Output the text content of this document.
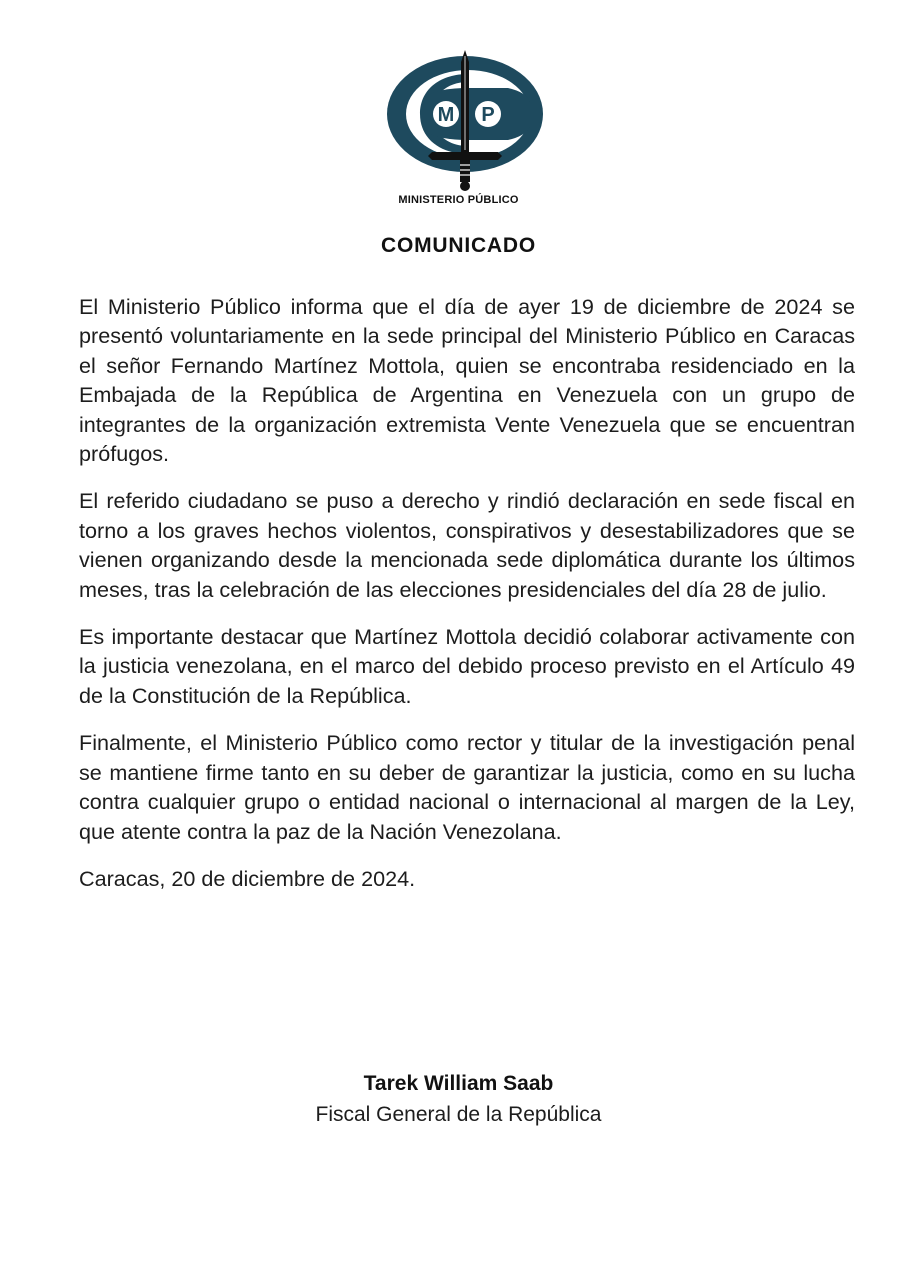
M P
MINISTERIO PÚBLICO
COMUNICADO

El Ministerio Público informa que el día de ayer 19 de diciembre de 2024 se presentó voluntariamente en la sede principal del Ministerio Público en Caracas el señor Fernando Martínez Mottola, quien se encontraba residenciado en la Embajada de la República de Argentina en Venezuela con un grupo de integrantes de la organización extremista Vente Venezuela que se encuentran prófugos.

El referido ciudadano se puso a derecho y rindió declaración en sede fiscal en torno a los graves hechos violentos, conspirativos y desestabilizadores que se vienen organizando desde la mencionada sede diplomática durante los últimos meses, tras la celebración de las elecciones presidenciales del día 28 de julio.

Es importante destacar que Martínez Mottola decidió colaborar activamente con la justicia venezolana, en el marco del debido proceso previsto en el Artículo 49 de la Constitución de la República.

Finalmente, el Ministerio Público como rector y titular de la investigación penal se mantiene firme tanto en su deber de garantizar la justicia, como en su lucha contra cualquier grupo o entidad nacional o internacional al margen de la Ley, que atente contra la paz de la Nación Venezolana.

Caracas, 20 de diciembre de 2024.

Tarek William Saab
Fiscal General de la República
